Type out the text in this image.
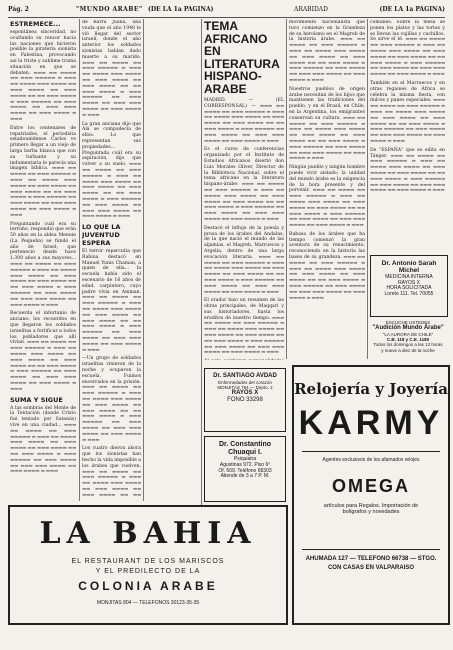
Pág. 2	"MUNDO ARABE" (DE LA 1a PAGINA)	ARABIDAD	(DE LA 1a PAGINA)
ESTREMECE...

espontánea sinceridad, no ocultando su rencor hacia las naciones que hicieron posible la piratería sionista en Palestina, provocando así la triste y sublime trama situación en que se debaten. ▬▬▬ ▬▬ ▬▬▬▬ ▬▬ ▬▬▬ ▬▬▬▬▬ ▬ ▬▬▬ ▬▬ ▬▬▬▬ ▬▬▬ ▬▬▬▬ ▬▬ ▬▬▬ ▬▬▬▬ ▬▬ ▬▬▬ ▬▬▬▬ ▬▬ ▬▬ ▬▬▬ ▬▬▬▬ ▬ ▬▬▬ ▬▬▬▬▬ ▬▬ ▬▬▬ ▬▬▬▬ ▬▬ ▬▬▬ ▬▬▬ ▬▬▬▬ ▬▬ ▬▬▬ ▬▬▬▬ ▬ ▬▬▬

Entre los centenares de repatriados, el periodista estadounidense Carlos ve primero llegar a un viejo de larga barba blanca que con su turbante y su indumentaria le parecía una imagen bíblica. ▬▬▬ ▬▬ ▬▬▬▬ ▬▬ ▬▬▬ ▬▬▬▬▬ ▬ ▬▬▬ ▬▬ ▬▬▬▬ ▬▬▬ ▬▬▬▬ ▬▬ ▬▬▬ ▬▬▬▬ ▬▬ ▬▬▬ ▬▬▬▬ ▬▬ ▬▬ ▬▬▬ ▬▬▬▬ ▬ ▬▬▬ ▬▬▬▬▬ ▬▬ ▬▬▬ ▬▬▬▬ ▬▬ ▬▬▬ ▬▬▬ ▬▬▬▬ ▬▬ ▬▬▬ ▬▬▬▬ ▬ ▬▬▬

Preguntando cuál era su terruño, respondió que erán 50 años en la aldea Menuie (La Pequeña) se fundó el año de Israel; que perteneció desde hace 1.300 años a sus mayores... ▬▬▬ ▬▬ ▬▬▬▬ ▬▬ ▬▬▬ ▬▬▬▬▬ ▬ ▬▬▬ ▬▬ ▬▬▬▬ ▬▬▬ ▬▬▬▬ ▬▬ ▬▬▬ ▬▬▬▬ ▬▬ ▬▬▬ ▬▬▬▬ ▬▬ ▬▬ ▬▬▬ ▬▬▬▬ ▬ ▬▬▬ ▬▬▬▬▬ ▬▬ ▬▬▬ ▬▬▬▬ ▬▬ ▬▬▬ ▬▬▬ ▬▬▬▬ ▬▬ ▬▬▬ ▬▬▬▬ ▬ ▬▬▬

Recuerda el infortunio de anciano: los recuerdos en que llegaron los soldados israelitas a fortificar a todos los pobladores que allí vivían. ▬▬▬ ▬▬ ▬▬▬▬ ▬▬ ▬▬▬ ▬▬▬▬▬ ▬ ▬▬▬ ▬▬ ▬▬▬▬ ▬▬▬ ▬▬▬▬ ▬▬ ▬▬▬ ▬▬▬▬ ▬▬ ▬▬▬ ▬▬▬▬ ▬▬ ▬▬ ▬▬▬ ▬▬▬▬ ▬ ▬▬▬ ▬▬▬▬▬ ▬▬ ▬▬▬ ▬▬▬▬ ▬▬ ▬▬▬ ▬▬▬ ▬▬▬▬ ▬▬ ▬▬▬ ▬▬▬▬ ▬ ▬▬▬

SUMA Y SIGUE

A las sombras del Monte de la Tentación (donde Cristo fué tentado por Satanás) vive en una ciudad... ▬▬▬ ▬▬ ▬▬▬▬ ▬▬ ▬▬▬ ▬▬▬▬▬ ▬ ▬▬▬ ▬▬ ▬▬▬▬ ▬▬▬ ▬▬▬▬ ▬▬ ▬▬▬ ▬▬▬▬ ▬▬ ▬▬▬ ▬▬▬▬ ▬▬ ▬▬ ▬▬▬ ▬▬▬▬ ▬ ▬▬▬ ▬▬▬▬▬ ▬▬ ▬▬▬ ▬▬▬▬ ▬▬ ▬▬▬ ▬▬▬ ▬▬▬▬ ▬▬ ▬▬▬ ▬▬▬▬ ▬ ▬▬▬

de Barra Juana, una viuda que el año 1948 le vió llegar del sector israelí, donde el año anterior los soldados sionistas habían dado muerte a su marido. ▬▬▬ ▬▬ ▬▬▬▬ ▬▬ ▬▬▬ ▬▬▬▬▬ ▬ ▬▬▬ ▬▬ ▬▬▬▬ ▬▬▬ ▬▬▬▬ ▬▬ ▬▬▬ ▬▬▬▬ ▬▬ ▬▬▬ ▬▬▬▬ ▬▬ ▬▬ ▬▬▬ ▬▬▬▬ ▬ ▬▬▬ ▬▬▬▬▬ ▬▬ ▬▬▬ ▬▬▬▬ ▬▬ ▬▬▬ ▬▬▬ ▬▬▬▬ ▬▬ ▬▬▬ ▬▬▬▬ ▬ ▬▬▬

La gran anciana dijo que Alá se compadecía de ellos. Lo que representan sus propiedades... Preguntada cuál era su aspiración, dijo que volver a su suelo. ▬▬▬ ▬▬ ▬▬▬▬ ▬▬ ▬▬▬ ▬▬▬▬▬ ▬ ▬▬▬ ▬▬ ▬▬▬▬ ▬▬▬ ▬▬▬▬ ▬▬ ▬▬▬ ▬▬▬▬ ▬▬ ▬▬▬ ▬▬▬▬ ▬▬ ▬▬ ▬▬▬ ▬▬▬▬ ▬ ▬▬▬ ▬▬▬▬▬ ▬▬ ▬▬▬ ▬▬▬▬ ▬▬ ▬▬▬ ▬▬▬ ▬▬▬▬ ▬▬ ▬▬▬ ▬▬▬▬ ▬ ▬▬▬

LO QUE LA JUVENTUD ESPERA

El terror repercutía que Rabina destacó en Manuel Yunis Chaman, a quien de ella... la escuela había sido el escenario de 16 años de edad, carpintero, cuyo padre vivía en Amman. ▬▬▬ ▬▬ ▬▬▬▬ ▬▬ ▬▬▬ ▬▬▬▬▬ ▬ ▬▬▬ ▬▬ ▬▬▬▬ ▬▬▬ ▬▬▬▬ ▬▬ ▬▬▬ ▬▬▬▬ ▬▬ ▬▬▬ ▬▬▬▬ ▬▬ ▬▬ ▬▬▬ ▬▬▬▬ ▬ ▬▬▬ ▬▬▬▬▬ ▬▬ ▬▬▬ ▬▬▬▬ ▬▬ ▬▬▬ ▬▬▬ ▬▬▬▬ ▬▬ ▬▬▬ ▬▬▬▬ ▬ ▬▬▬

—Un grupo de soldados israelitas vinieron de la noche y ocuparon la escuela. Fuimos encerrados en la prisión. ▬▬▬ ▬▬ ▬▬▬▬ ▬▬ ▬▬▬ ▬▬▬▬▬ ▬ ▬▬▬ ▬▬ ▬▬▬▬ ▬▬▬ ▬▬▬▬ ▬▬ ▬▬▬ ▬▬▬▬ ▬▬ ▬▬▬ ▬▬▬▬ ▬▬ ▬▬ ▬▬▬ ▬▬▬▬ ▬ ▬▬▬ ▬▬▬▬▬ ▬▬ ▬▬▬ ▬▬▬▬ ▬▬ ▬▬▬ ▬▬▬ ▬▬▬▬ ▬▬ ▬▬▬ ▬▬▬▬ ▬ ▬▬▬

Los cuatro dieron ahora que los sionistas han hecho la vida imposible a los árabes que vuelven. ▬▬▬ ▬▬ ▬▬▬▬ ▬▬ ▬▬▬ ▬▬▬▬▬ ▬ ▬▬▬ ▬▬ ▬▬▬▬ ▬▬▬ ▬▬▬▬ ▬▬ ▬▬▬ ▬▬▬▬ ▬▬ ▬▬▬ ▬▬▬▬ ▬▬ ▬▬ ▬▬▬ ▬▬▬▬ ▬ ▬▬▬ ▬▬▬▬▬ ▬▬ ▬▬▬ ▬▬▬▬ ▬▬ ▬▬▬ ▬▬▬ ▬▬▬▬ ▬▬ ▬▬▬ ▬▬▬▬ ▬ ▬▬▬

TEMA AFRICANO EN LITERATURA HISPANO-ARABE

MADRID. — (EL CORRESPONSAL) — ▬▬▬ ▬▬ ▬▬▬▬ ▬▬ ▬▬▬ ▬▬▬▬▬ ▬ ▬▬▬ ▬▬ ▬▬▬▬ ▬▬▬ ▬▬▬▬ ▬▬ ▬▬▬ ▬▬▬▬ ▬▬ ▬▬▬ ▬▬▬▬ ▬▬ ▬▬ ▬▬▬ ▬▬▬▬ ▬ ▬▬▬ ▬▬▬▬▬ ▬▬ ▬▬▬ ▬▬▬▬ ▬▬ ▬▬▬ ▬▬▬ ▬▬▬▬ ▬▬ ▬▬▬ ▬▬▬▬ ▬ ▬▬▬

Es el curso de conferencias organizado por el Instituto de Estudios Africanos disertó don Luis Morales Oliver, Director de la Biblioteca Nacional, sobre el tema africano en la literatura hispano-árabe. ▬▬▬ ▬▬ ▬▬▬▬ ▬▬ ▬▬▬ ▬▬▬▬▬ ▬ ▬▬▬ ▬▬ ▬▬▬▬ ▬▬▬ ▬▬▬▬ ▬▬ ▬▬▬ ▬▬▬▬ ▬▬ ▬▬▬ ▬▬▬▬ ▬▬ ▬▬ ▬▬▬ ▬▬▬▬ ▬ ▬▬▬ ▬▬▬▬▬ ▬▬ ▬▬▬ ▬▬▬▬ ▬▬ ▬▬▬ ▬▬▬ ▬▬▬▬ ▬▬ ▬▬▬ ▬▬▬▬ ▬ ▬▬▬

Destacó el influjo de la poesía y prosa de los árabes del Andalus, de la que nació el mundo de las aljamías, el Magreb, Marruecos y Argelia, dentro de una larga evocación literaria. ▬▬▬ ▬▬ ▬▬▬▬ ▬▬ ▬▬▬ ▬▬▬▬▬ ▬ ▬▬▬ ▬▬ ▬▬▬▬ ▬▬▬ ▬▬▬▬ ▬▬ ▬▬▬ ▬▬▬▬ ▬▬ ▬▬▬ ▬▬▬▬ ▬▬ ▬▬ ▬▬▬ ▬▬▬▬ ▬ ▬▬▬ ▬▬▬▬▬ ▬▬ ▬▬▬ ▬▬▬▬ ▬▬ ▬▬▬ ▬▬▬ ▬▬▬▬ ▬▬ ▬▬▬ ▬▬▬▬ ▬ ▬▬▬

El orador hizo un resumen de las obras principales, de Maqqari y sus historiadores, hasta los eruditos de nuestro tiempo. ▬▬▬ ▬▬ ▬▬▬▬ ▬▬ ▬▬▬ ▬▬▬▬▬ ▬ ▬▬▬ ▬▬ ▬▬▬▬ ▬▬▬ ▬▬▬▬ ▬▬ ▬▬▬ ▬▬▬▬ ▬▬ ▬▬▬ ▬▬▬▬ ▬▬ ▬▬ ▬▬▬ ▬▬▬▬ ▬ ▬▬▬ ▬▬▬▬▬ ▬▬ ▬▬▬ ▬▬▬▬ ▬▬ ▬▬▬ ▬▬▬ ▬▬▬▬ ▬▬ ▬▬▬ ▬▬▬▬ ▬ ▬▬▬

▬▬▬ ▬▬ ▬▬▬▬ ▬▬ ▬▬▬ ▬▬▬▬▬ ▬ ▬▬▬ ▬▬ ▬▬▬▬ ▬▬▬ ▬▬▬▬ ▬▬ ▬▬▬ ▬▬▬▬ ▬▬ ▬▬▬ ▬▬▬▬ ▬▬ ▬▬ ▬▬▬ ▬▬▬▬ ▬ ▬▬▬ ▬▬▬▬▬ ▬▬ ▬▬▬ ▬▬▬▬ ▬▬ ▬▬▬ ▬▬▬ ▬▬▬▬ ▬▬ ▬▬▬ ▬▬▬▬ ▬ ▬▬▬

movimiento nacionalista que tuvo comienzo en la Grandeza de su heroísmo en el Magreb de la historia árabe. ▬▬▬ ▬▬ ▬▬▬▬ ▬▬ ▬▬▬ ▬▬▬▬▬ ▬ ▬▬▬ ▬▬ ▬▬▬▬ ▬▬▬ ▬▬▬▬ ▬▬ ▬▬▬ ▬▬▬▬ ▬▬ ▬▬▬ ▬▬▬▬ ▬▬ ▬▬ ▬▬▬ ▬▬▬▬ ▬ ▬▬▬ ▬▬▬▬▬ ▬▬ ▬▬▬ ▬▬▬▬ ▬▬ ▬▬▬ ▬▬▬ ▬▬▬▬ ▬▬ ▬▬▬ ▬▬▬▬ ▬ ▬▬▬

Nuestros pueblos de origen árabe necesitan de los hijos que mantienen las tradiciones del pueblo, y en el Brasil, en Chile, en la Argentina, los emigrantes conservan su cultura. ▬▬▬ ▬▬ ▬▬▬▬ ▬▬ ▬▬▬ ▬▬▬▬▬ ▬ ▬▬▬ ▬▬ ▬▬▬▬ ▬▬▬ ▬▬▬▬ ▬▬ ▬▬▬ ▬▬▬▬ ▬▬ ▬▬▬ ▬▬▬▬ ▬▬ ▬▬ ▬▬▬ ▬▬▬▬ ▬ ▬▬▬ ▬▬▬▬▬ ▬▬ ▬▬▬ ▬▬▬▬ ▬▬ ▬▬▬ ▬▬▬ ▬▬▬▬ ▬▬ ▬▬▬ ▬▬▬▬ ▬ ▬▬▬

Ningún pueblo y ningún hombre puede vivir aislado; la unidad del mundo árabe es la exigencia de la hora presente y del porvenir. ▬▬▬ ▬▬ ▬▬▬▬ ▬▬ ▬▬▬ ▬▬▬▬▬ ▬ ▬▬▬ ▬▬ ▬▬▬▬ ▬▬▬ ▬▬▬▬ ▬▬ ▬▬▬ ▬▬▬▬ ▬▬ ▬▬▬ ▬▬▬▬ ▬▬ ▬▬ ▬▬▬ ▬▬▬▬ ▬ ▬▬▬ ▬▬▬▬▬ ▬▬ ▬▬▬ ▬▬▬▬ ▬▬ ▬▬▬ ▬▬▬ ▬▬▬▬ ▬▬ ▬▬▬ ▬▬▬▬ ▬ ▬▬▬

Rabasa de los árabes que ha tiempo comenzó la gran aventura de su renacimiento, reconociendo en la historia las bases de su grandeza. ▬▬▬ ▬▬ ▬▬▬▬ ▬▬ ▬▬▬ ▬▬▬▬▬ ▬ ▬▬▬ ▬▬ ▬▬▬▬ ▬▬▬ ▬▬▬▬ ▬▬ ▬▬▬ ▬▬▬▬ ▬▬ ▬▬▬ ▬▬▬▬ ▬▬ ▬▬ ▬▬▬ ▬▬▬▬ ▬ ▬▬▬ ▬▬▬▬▬ ▬▬ ▬▬▬ ▬▬▬▬ ▬▬ ▬▬▬ ▬▬▬ ▬▬▬▬ ▬▬ ▬▬▬ ▬▬▬▬ ▬ ▬▬▬

comunes. Sobre la mesa se ponen los platos y las tortas y se llevan las vajillas y cuchillos. Se sirve el té. ▬▬▬ ▬▬ ▬▬▬▬ ▬▬ ▬▬▬ ▬▬▬▬▬ ▬ ▬▬▬ ▬▬ ▬▬▬▬ ▬▬▬ ▬▬▬▬ ▬▬ ▬▬▬ ▬▬▬▬ ▬▬ ▬▬▬ ▬▬▬▬ ▬▬ ▬▬ ▬▬▬ ▬▬▬▬ ▬ ▬▬▬ ▬▬▬▬▬ ▬▬ ▬▬▬ ▬▬▬▬ ▬▬ ▬▬▬ ▬▬▬ ▬▬▬▬ ▬▬ ▬▬▬ ▬▬▬▬ ▬ ▬▬▬

También en el Marruecos y en otras regiones de África se celebra la misma fiesta, con dulces y panes especiales. ▬▬▬ ▬▬ ▬▬▬▬ ▬▬ ▬▬▬ ▬▬▬▬▬ ▬ ▬▬▬ ▬▬ ▬▬▬▬ ▬▬▬ ▬▬▬▬ ▬▬ ▬▬▬ ▬▬▬▬ ▬▬ ▬▬▬ ▬▬▬▬ ▬▬ ▬▬ ▬▬▬ ▬▬▬▬ ▬ ▬▬▬ ▬▬▬▬▬ ▬▬ ▬▬▬ ▬▬▬▬ ▬▬ ▬▬▬ ▬▬▬ ▬▬▬▬ ▬▬ ▬▬▬ ▬▬▬▬ ▬ ▬▬▬

De "ESPAÑA" que se edita en Tánger. ▬▬▬ ▬▬ ▬▬▬▬ ▬▬ ▬▬▬ ▬▬▬▬▬ ▬ ▬▬▬ ▬▬ ▬▬▬▬ ▬▬▬ ▬▬▬▬ ▬▬ ▬▬▬ ▬▬▬▬ ▬▬ ▬▬▬ ▬▬▬▬ ▬▬ ▬▬ ▬▬▬ ▬▬▬▬ ▬ ▬▬▬ ▬▬▬▬▬ ▬▬ ▬▬▬ ▬▬▬▬ ▬▬ ▬▬▬ ▬▬▬ ▬▬▬▬ ▬▬ ▬▬▬ ▬▬▬▬ ▬ ▬▬▬

Dr. SANTIAGO AVDAD
Enfermedades del corazón
MONJITAS 764 — Depto. 2
RAYOS X
FONO 33298
Dr. Constantino Chuaqui I.
Psiquiatra
Agustinas 972. Piso 6º
Of. 609. Teléfono 68303
Atiende de 3 a 7 P. M.
Dr. Antonio Sarah Michel
MEDICINA INTERNA
RAYOS X
HORA SOLICITADA
Loreto 111. Tel. 70055
ESCUCHE USTEDES
"Audición Mundo Árabe"
"LA AURORA DE CHILE"
C.B. 118 y C.E. 1180
Todos los domingos a las 12 horas
y nueve a diez de la noche
Relojería y Joyería
KARMY
Agentes exclusivos de los afamados relojes
OMEGA
artículos para Regalos. Importación de
bolígrafos y novedades
AHUMADA 127 — TELEFONO 66738 — STGO.
CON CASAS EN VALPARAISO
LA BAHIA
EL RESTAURANT DE LOS MARISCOS
Y EL PREDILECTO DE LA
COLONIA ARABE
MONJITAS 804 — TELEFONOS 30123-35-35
